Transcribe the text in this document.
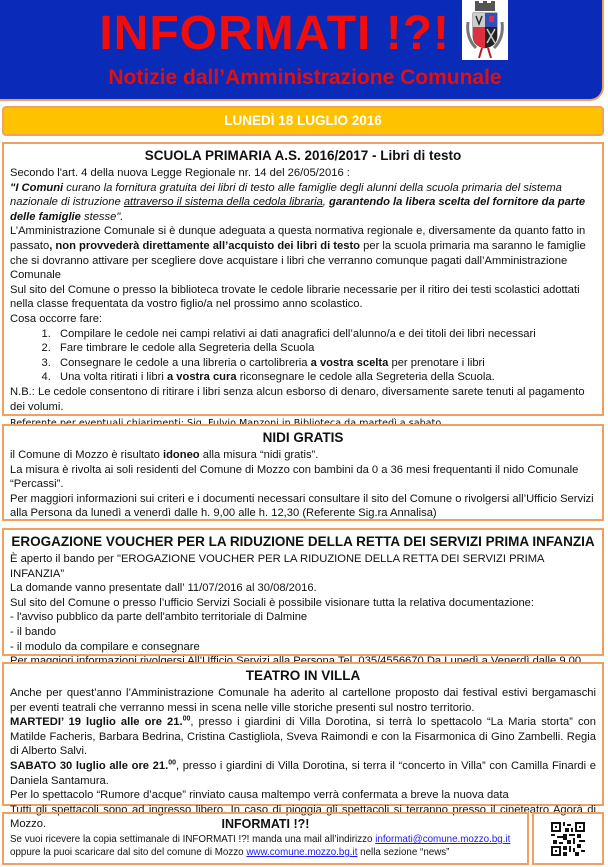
INFORMATI !?!
Notizie dall’Amministrazione Comunale
LUNEDÌ 18 LUGLIO 2016
SCUOLA PRIMARIA A.S. 2016/2017 - Libri di testo

Secondo l'art. 4 della nuova Legge Regionale nr. 14 del 26/05/2016 :

"I Comuni curano la fornitura gratuita dei libri di testo alle famiglie degli alunni della scuola primaria del sistema nazionale di istruzione attraverso il sistema della cedola libraria, garantendo la libera scelta del fornitore da parte delle famiglie stesse".

L’Amministrazione Comunale si è dunque adeguata a questa normativa regionale e, diversamente da quanto fatto in passato, non provvederà direttamente all’acquisto dei libri di testo per la scuola primaria ma saranno le famiglie che si dovranno attivare per scegliere dove acquistare i libri che verranno comunque pagati dall’Amministrazione Comunale

Sul sito del Comune o presso la biblioteca trovate le cedole librarie necessarie per il ritiro dei testi scolastici adottati nella classe frequentata da vostro figlio/a nel prossimo anno scolastico.

Cosa occorre fare:

1. Compilare le cedole nei campi relativi ai dati anagrafici dell’alunno/a e dei titoli dei libri necessari
2. Fare timbrare le cedole alla Segreteria della Scuola
3. Consegnare le cedole a una libreria o cartolibreria a vostra scelta per prenotare i libri
4. Una volta ritirati i libri a vostra cura riconsegnare le cedole alla Segreteria della Scuola.

N.B.: Le cedole consentono di ritirare i libri senza alcun esborso di denaro, diversamente sarete tenuti al pagamento dei volumi.

NIDI GRATIS

il Comune di Mozzo è risultato idoneo alla misura “nidi gratis”.

La misura è rivolta ai soli residenti del Comune di Mozzo con bambini da 0 a 36 mesi frequentanti il nido Comunale “Percassi”.

Per maggiori informazioni sui criteri e i documenti necessari consultare il sito del Comune o rivolgersi all’Ufficio Servizi alla Persona da lunedì a venerdì dalle h. 9,00 alle h. 12,30 (Referente Sig.ra Annalisa)

EROGAZIONE VOUCHER PER LA RIDUZIONE DELLA RETTA DEI SERVIZI PRIMA INFANZIA

È aperto il bando per "EROGAZIONE VOUCHER PER LA RIDUZIONE DELLA RETTA DEI SERVIZI PRIMA INFANZIA”

La domande vanno presentate dall’ 11/07/2016 al 30/08/2016.

Sul sito del Comune o presso l’ufficio Servizi Sociali è possibile visionare tutta la relativa documentazione:

- l'avviso pubblico da parte dell'ambito territoriale di Dalmine

- il bando

- il modulo da compilare e consegnare

TEATRO IN VILLA

Anche per quest’anno l’Amministrazione Comunale ha aderito al cartellone proposto dai festival estivi bergamaschi per eventi teatrali che verranno messi in scena nelle ville storiche presenti sul nostro territorio.

MARTEDI’ 19 luglio alle ore 21.00, presso i giardini di Villa Dorotina, si terrà lo spettacolo “La Maria storta” con Matilde Facheris, Barbara Bedrina, Cristina Castigliola, Sveva Raimondi e con la Fisarmonica di Gino Zambelli. Regia di Alberto Salvi.

SABATO 30 luglio alle ore 21.00, presso i giardini di Villa Dorotina, si terra il “concerto in Villa” con Camilla Finardi e Daniela Santamura.

Per lo spettacolo “Rumore d’acque” rinviato causa maltempo verrà confermata a breve la nuova data

Tutti gli spettacoli sono ad ingresso libero. In caso di pioggia gli spettacoli si terranno presso il cineteatro Agorà di Mozzo.	INFORMATI !?!

Se vuoi ricevere la copia settimanale di INFORMATI !?! manda una mail all’indirizzo informati@comune.mozzo.bg.it

oppure la puoi scaricare dal sito del comune di Mozzo www.comune.mozzo.bg.it nella sezione “news”
